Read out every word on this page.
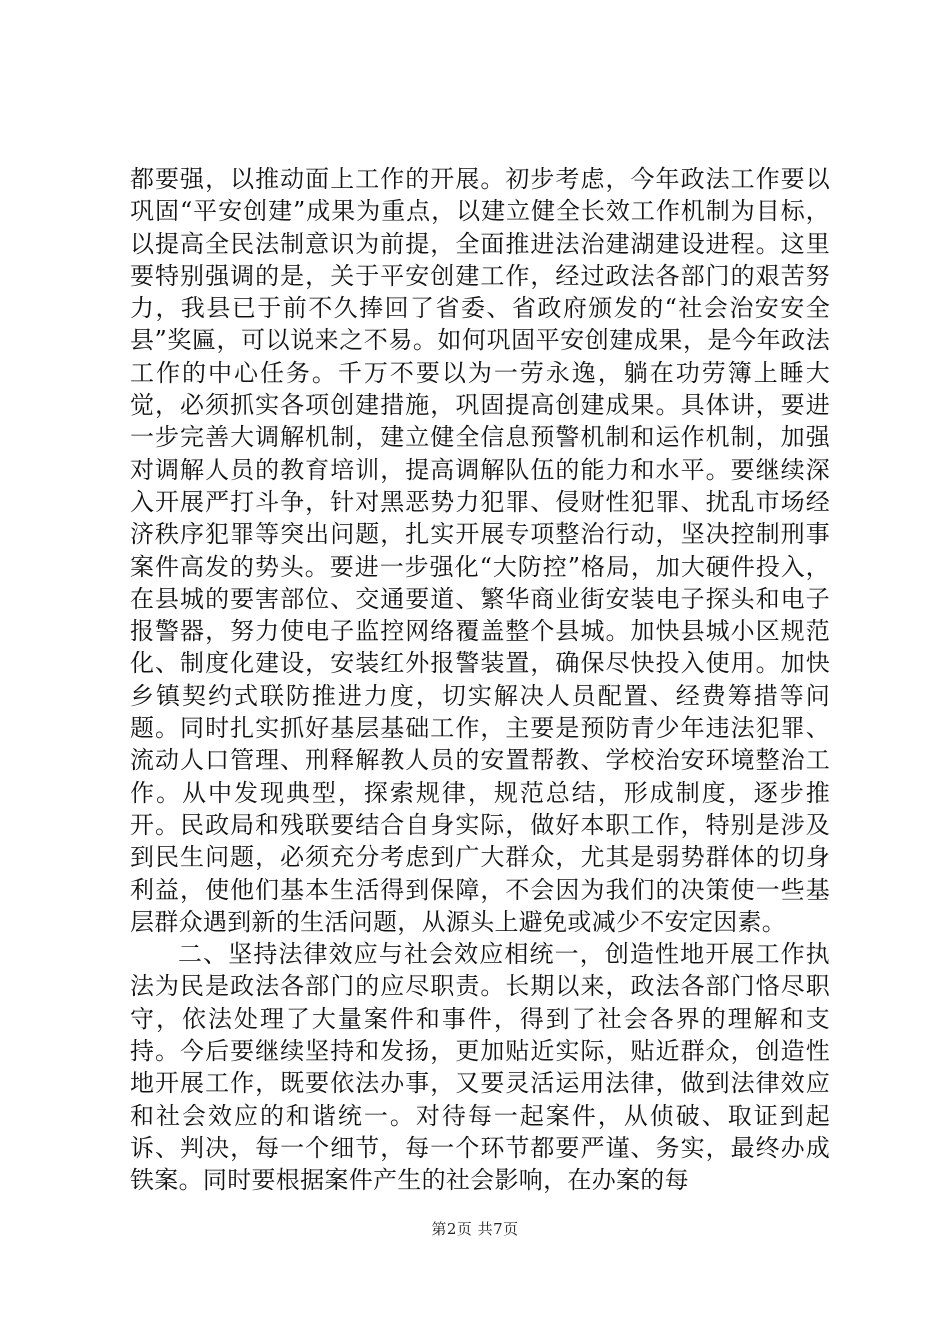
都要强，以推动面上工作的开展。初步考虑，今年政法工作要以巩固“平安创建”成果为重点，以建立健全长效工作机制为目标，以提高全民法制意识为前提，全面推进法治建湖建设进程。这里要特别强调的是，关于平安创建工作，经过政法各部门的艰苦努力，我县已于前不久捧回了省委、省政府颁发的“社会治安安全县”奖匾，可以说来之不易。如何巩固平安创建成果，是今年政法工作的中心任务。千万不要以为一劳永逸，躺在功劳簿上睡大觉，必须抓实各项创建措施，巩固提高创建成果。具体讲，要进一步完善大调解机制，建立健全信息预警机制和运作机制，加强对调解人员的教育培训，提高调解队伍的能力和水平。要继续深入开展严打斗争，针对黑恶势力犯罪、侵财性犯罪、扰乱市场经济秩序犯罪等突出问题，扎实开展专项整治行动，坚决控制刑事案件高发的势头。要进一步强化“大防控”格局，加大硬件投入，在县城的要害部位、交通要道、繁华商业街安装电子探头和电子报警器，努力使电子监控网络覆盖整个县城。加快县城小区规范化、制度化建设，安装红外报警装置，确保尽快投入使用。加快乡镇契约式联防推进力度，切实解决人员配置、经费筹措等问题。同时扎实抓好基层基础工作，主要是预防青少年违法犯罪、流动人口管理、刑释解教人员的安置帮教、学校治安环境整治工作。从中发现典型，探索规律，规范总结，形成制度，逐步推开。民政局和残联要结合自身实际，做好本职工作，特别是涉及到民生问题，必须充分考虑到广大群众，尤其是弱势群体的切身利益，使他们基本生活得到保障，不会因为我们的决策使一些基层群众遇到新的生活问题，从源头上避免或减少不安定因素。

二、坚持法律效应与社会效应相统一，创造性地开展工作执法为民是政法各部门的应尽职责。长期以来，政法各部门恪尽职守，依法处理了大量案件和事件，得到了社会各界的理解和支持。今后要继续坚持和发扬，更加贴近实际，贴近群众，创造性地开展工作，既要依法办事，又要灵活运用法律，做到法律效应和社会效应的和谐统一。对待每一起案件，从侦破、取证到起诉、判决，每一个细节，每一个环节都要严谨、务实，最终办成铁案。同时要根据案件产生的社会影响，在办案的每

第2页 共7页
